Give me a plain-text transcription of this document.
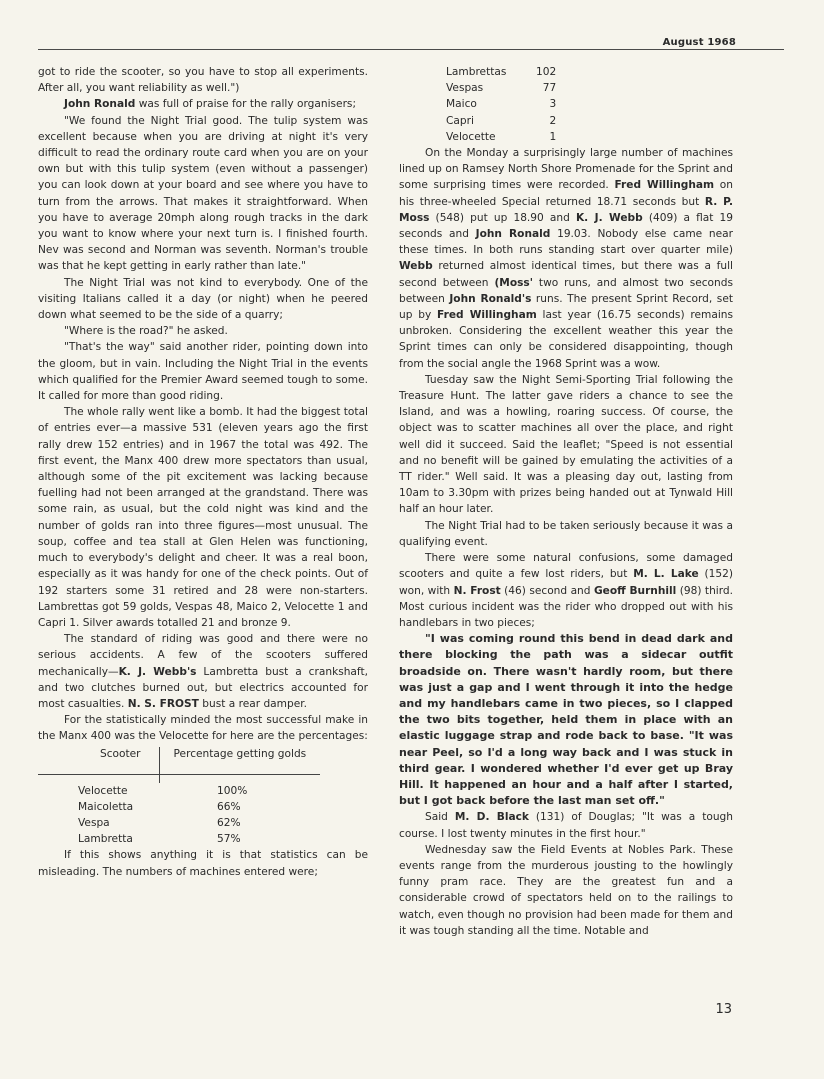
August 1968

got to ride the scooter, so you have to stop all experiments. After all, you want reliability as well.")

John Ronald was full of praise for the rally organisers;

"We found the Night Trial good. The tulip system was excellent because when you are driving at night it's very difficult to read the ordinary route card when you are on your own but with this tulip system (even without a passenger) you can look down at your board and see where you have to turn from the arrows. That makes it straightforward. When you have to average 20mph along rough tracks in the dark you want to know where your next turn is. I finished fourth. Nev was second and Norman was seventh. Norman's trouble was that he kept getting in early rather than late."

The Night Trial was not kind to everybody. One of the visiting Italians called it a day (or night) when he peered down what seemed to be the side of a quarry;

"Where is the road?" he asked.

"That's the way" said another rider, pointing down into the gloom, but in vain. Including the Night Trial in the events which qualified for the Premier Award seemed tough to some. It called for more than good riding.

The whole rally went like a bomb. It had the biggest total of entries ever—a massive 531 (eleven years ago the first rally drew 152 entries) and in 1967 the total was 492. The first event, the Manx 400 drew more spectators than usual, although some of the pit excitement was lacking because fuelling had not been arranged at the grandstand. There was some rain, as usual, but the cold night was kind and the number of golds ran into three figures—most unusual. The soup, coffee and tea stall at Glen Helen was functioning, much to everybody's delight and cheer. It was a real boon, especially as it was handy for one of the check points. Out of 192 starters some 31 retired and 28 were non-starters. Lambrettas got 59 golds, Vespas 48, Maico 2, Velocette 1 and Capri 1. Silver awards totalled 21 and bronze 9.

The standard of riding was good and there were no serious accidents. A few of the scooters suffered mechanically—K. J. Webb's Lambretta bust a crankshaft, and two clutches burned out, but electrics accounted for most casualties. N. S. FROST bust a rear damper.

For the statistically minded the most successful make in the Manx 400 was the Velocette for here are the percentages:

Scooter	Percentage getting golds

Velocette	100%
Maicoletta	66%
Vespa	62%
Lambretta	57%

If this shows anything it is that statistics can be misleading. The numbers of machines entered were;

Lambrettas	102
Vespas	77
Maico	3
Capri	2
Velocette	1

On the Monday a surprisingly large number of machines lined up on Ramsey North Shore Promenade for the Sprint and some surprising times were recorded. Fred Willingham on his three-wheeled Special returned 18.71 seconds but R. P. Moss (548) put up 18.90 and K. J. Webb (409) a flat 19 seconds and John Ronald 19.03. Nobody else came near these times. In both runs standing start over quarter mile) Webb returned almost identical times, but there was a full second between (Moss' two runs, and almost two seconds between John Ronald's runs. The present Sprint Record, set up by Fred Willingham last year (16.75 seconds) remains unbroken. Considering the excellent weather this year the Sprint times can only be considered disappointing, though from the social angle the 1968 Sprint was a wow.

Tuesday saw the Night Semi-Sporting Trial following the Treasure Hunt. The latter gave riders a chance to see the Island, and was a howling, roaring success. Of course, the object was to scatter machines all over the place, and right well did it succeed. Said the leaflet; "Speed is not essential and no benefit will be gained by emulating the activities of a TT rider." Well said. It was a pleasing day out, lasting from 10am to 3.30pm with prizes being handed out at Tynwald Hill half an hour later.

The Night Trial had to be taken seriously because it was a qualifying event.

There were some natural confusions, some damaged scooters and quite a few lost riders, but M. L. Lake (152) won, with N. Frost (46) second and Geoff Burnhill (98) third. Most curious incident was the rider who dropped out with his handlebars in two pieces;

"I was coming round this bend in dead dark and there blocking the path was a sidecar outfit broadside on. There wasn't hardly room, but there was just a gap and I went through it into the hedge and my handlebars came in two pieces, so I clapped the two bits together, held them in place with an elastic luggage strap and rode back to base. "It was near Peel, so I'd a long way back and I was stuck in third gear. I wondered whether I'd ever get up Bray Hill. It happened an hour and a half after I started, but I got back before the last man set off."

Said M. D. Black (131) of Douglas; "It was a tough course. I lost twenty minutes in the first hour."

Wednesday saw the Field Events at Nobles Park. These events range from the murderous jousting to the howlingly funny pram race. They are the greatest fun and a considerable crowd of spectators held on to the railings to watch, even though no provision had been made for them and it was tough standing all the time. Notable and

13
